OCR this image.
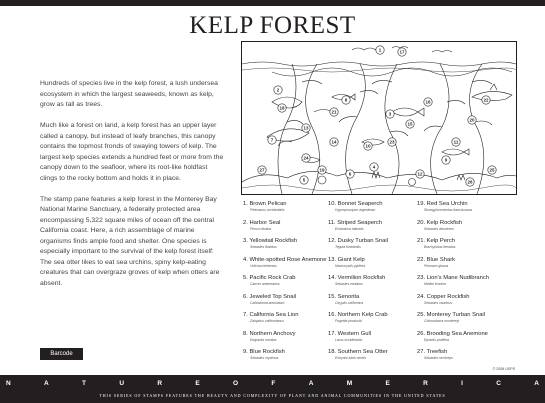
KELP FOREST

Hundreds of species live in the kelp forest, a lush undersea ecosystem in which the largest seaweeds, known as kelp, grow as tall as trees.

Much like a forest on land, a kelp forest has an upper layer called a canopy, but instead of leafy branches, this canopy contains the topmost fronds of swaying towers of kelp. The largest kelp species extends a hundred feet or more from the canopy down to the seafloor, where its root-like holdfast clings to the rocky bottom and holds it in place.

The stamp pane features a kelp forest in the Monterey Bay National Marine Sanctuary, a federally protected area encompassing 5,322 square miles of ocean off the central California coast. Here, a rich assemblage of marine organisms finds ample food and shelter. One species is especially important to the survival of the kelp forest itself: The sea otter likes to eat sea urchins, spiny kelp-eating creatures that can overgraze groves of kelp when otters are absent.

Barcode
1
2
3
4
5
6
7
8
9
10
11
12
13
14
15
16
17
18
19
20
21
22
23
24
25
26
27
1. Brown Pelican
Pelecanus occidentalis
2. Harbor Seal
Phoca vitulina
3. Yellowtail Rockfish
Sebastes flavidus
4. White-spotted Rose Anemone
Urticina lofotensis
5. Pacific Rock Crab
Cancer antennarius
6. Jeweled Top Snail
Calliostoma annulatum
7. California Sea Lion
Zalophus californianus
8. Northern Anchovy
Engraulis mordax
9. Blue Rockfish
Sebastes mystinus
10. Bonnet Seaperch
Hyperprosopon argenteum
11. Striped Seaperch
Embiotoca lateralis
12. Dusky Turban Snail
Tegula funebralis
13. Giant Kelp
Macrocystis pyrifera
14. Vermilion Rockfish
Sebastes miniatus
15. Senorita
Oxyjulis californica
16. Northern Kelp Crab
Pugettia producta
17. Western Gull
Larus occidentalis
18. Southern Sea Otter
Enhydra lutris nereis
19. Red Sea Urchin
Strongylocentrotus franciscanus
20. Kelp Rockfish
Sebastes atrovirens
21. Kelp Perch
Brachyistius frenatus
22. Blue Shark
Prionace glauca
23. Lion's Mane Nudibranch
Melibe leonina
24. Copper Rockfish
Sebastes caurinus
25. Monterey Turban Snail
Chlorostoma montereyi
26. Brooding Sea Anemone
Epiactis prolifera
27. Treefish
Sebastes serriceps
© 2008 USPS
N	A	T	U	R	E	O	F	A	M	E	R	I	C	A
THIS SERIES OF STAMPS FEATURES THE BEAUTY AND COMPLEXITY OF PLANT AND ANIMAL COMMUNITIES IN THE UNITED STATES
